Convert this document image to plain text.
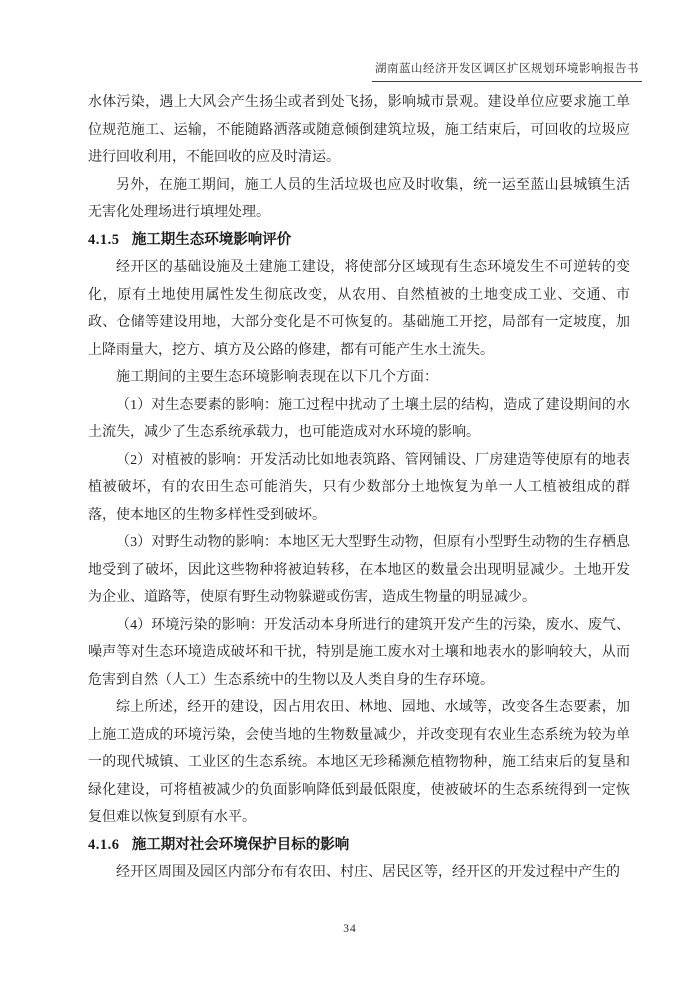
湖南蓝山经济开发区调区扩区规划环境影响报告书

水体污染，遇上大风会产生扬尘或者到处飞扬，影响城市景观。建设单位应要求施工单位规范施工、运输，不能随路洒落或随意倾倒建筑垃圾，施工结束后，可回收的垃圾应进行回收利用，不能回收的应及时清运。

另外，在施工期间，施工人员的生活垃圾也应及时收集，统一运至蓝山县城镇生活无害化处理场进行填埋处理。

4.1.5 施工期生态环境影响评价

经开区的基础设施及土建施工建设，将使部分区域现有生态环境发生不可逆转的变化，原有土地使用属性发生彻底改变，从农用、自然植被的土地变成工业、交通、市政、仓储等建设用地，大部分变化是不可恢复的。基础施工开挖，局部有一定坡度，加上降雨量大，挖方、填方及公路的修建，都有可能产生水土流失。

施工期间的主要生态环境影响表现在以下几个方面：

（1）对生态要素的影响：施工过程中扰动了土壤土层的结构，造成了建设期间的水土流失，减少了生态系统承载力，也可能造成对水环境的影响。

（2）对植被的影响：开发活动比如地表筑路、管网铺设、厂房建造等使原有的地表植被破坏，有的农田生态可能消失，只有少数部分土地恢复为单一人工植被组成的群落，使本地区的生物多样性受到破坏。

（3）对野生动物的影响：本地区无大型野生动物，但原有小型野生动物的生存栖息地受到了破坏，因此这些物种将被迫转移，在本地区的数量会出现明显减少。土地开发为企业、道路等，使原有野生动物躲避或伤害，造成生物量的明显减少。

（4）环境污染的影响：开发活动本身所进行的建筑开发产生的污染，废水、废气、噪声等对生态环境造成破坏和干扰，特别是施工废水对土壤和地表水的影响较大，从而危害到自然（人工）生态系统中的生物以及人类自身的生存环境。

综上所述，经开的建设，因占用农田、林地、园地、水域等，改变各生态要素，加上施工造成的环境污染，会使当地的生物数量减少，并改变现有农业生态系统为较为单一的现代城镇、工业区的生态系统。本地区无珍稀濒危植物物种，施工结束后的复垦和绿化建设，可将植被减少的负面影响降低到最低限度，使被破坏的生态系统得到一定恢复但难以恢复到原有水平。

4.1.6 施工期对社会环境保护目标的影响

经开区周围及园区内部分布有农田、村庄、居民区等，经开区的开发过程中产生的

34
